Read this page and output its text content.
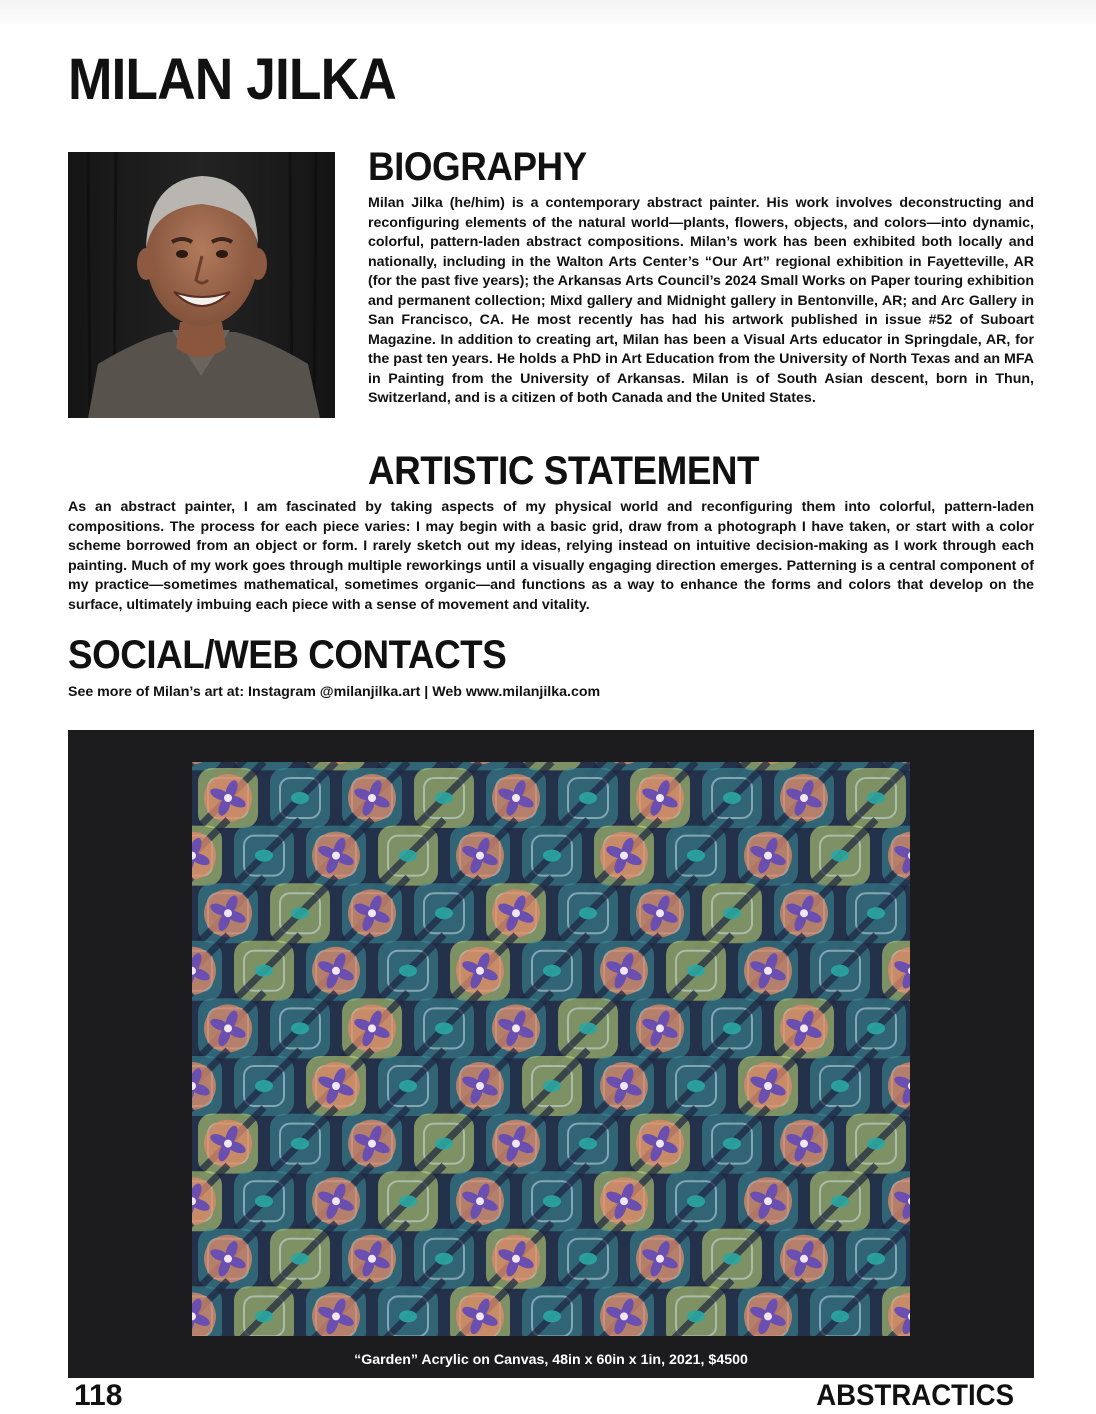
MILAN JILKA
BIOGRAPHY

Milan Jilka (he/him) is a contemporary abstract painter. His work involves deconstructing and reconfiguring elements of the natural world—plants, flowers, objects, and colors—into dynamic, colorful, pattern-laden abstract compositions. Milan’s work has been exhibited both locally and nationally, including in the Walton Arts Center’s “Our Art” regional exhibition in Fayetteville, AR (for the past five years); the Arkansas Arts Council’s 2024 Small Works on Paper touring exhibition and permanent collection; Mixd gallery and Midnight gallery in Bentonville, AR; and Arc Gallery in San Francisco, CA. He most recently has had his artwork published in issue #52 of Suboart Magazine. In addition to creating art, Milan has been a Visual Arts educator in Springdale, AR, for the past ten years. He holds a PhD in Art Education from the University of North Texas and an MFA in Painting from the University of Arkansas. Milan is of South Asian descent, born in Thun, Switzerland, and is a citizen of both Canada and the United States.

ARTISTIC STATEMENT

As an abstract painter, I am fascinated by taking aspects of my physical world and reconfiguring them into colorful, pattern-laden compositions. The process for each piece varies: I may begin with a basic grid, draw from a photograph I have taken, or start with a color scheme borrowed from an object or form. I rarely sketch out my ideas, relying instead on intuitive decision-making as I work through each painting. Much of my work goes through multiple reworkings until a visually engaging direction emerges. Patterning is a central component of my practice—sometimes mathematical, sometimes organic—and functions as a way to enhance the forms and colors that develop on the surface, ultimately imbuing each piece with a sense of movement and vitality.

SOCIAL/WEB CONTACTS

See more of Milan’s art at: Instagram @milanjilka.art | Web www.milanjilka.com

“Garden” Acrylic on Canvas, 48in x 60in x 1in, 2021, $4500
118	ABSTRACTICS
